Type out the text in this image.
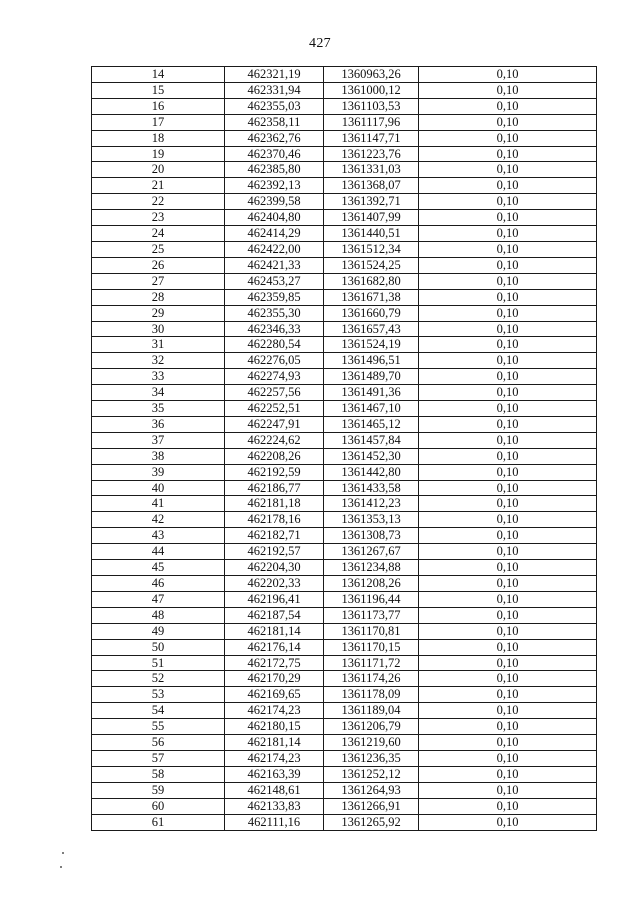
427
14	462321,19	1360963,26	0,10
15	462331,94	1361000,12	0,10
16	462355,03	1361103,53	0,10
17	462358,11	1361117,96	0,10
18	462362,76	1361147,71	0,10
19	462370,46	1361223,76	0,10
20	462385,80	1361331,03	0,10
21	462392,13	1361368,07	0,10
22	462399,58	1361392,71	0,10
23	462404,80	1361407,99	0,10
24	462414,29	1361440,51	0,10
25	462422,00	1361512,34	0,10
26	462421,33	1361524,25	0,10
27	462453,27	1361682,80	0,10
28	462359,85	1361671,38	0,10
29	462355,30	1361660,79	0,10
30	462346,33	1361657,43	0,10
31	462280,54	1361524,19	0,10
32	462276,05	1361496,51	0,10
33	462274,93	1361489,70	0,10
34	462257,56	1361491,36	0,10
35	462252,51	1361467,10	0,10
36	462247,91	1361465,12	0,10
37	462224,62	1361457,84	0,10
38	462208,26	1361452,30	0,10
39	462192,59	1361442,80	0,10
40	462186,77	1361433,58	0,10
41	462181,18	1361412,23	0,10
42	462178,16	1361353,13	0,10
43	462182,71	1361308,73	0,10
44	462192,57	1361267,67	0,10
45	462204,30	1361234,88	0,10
46	462202,33	1361208,26	0,10
47	462196,41	1361196,44	0,10
48	462187,54	1361173,77	0,10
49	462181,14	1361170,81	0,10
50	462176,14	1361170,15	0,10
51	462172,75	1361171,72	0,10
52	462170,29	1361174,26	0,10
53	462169,65	1361178,09	0,10
54	462174,23	1361189,04	0,10
55	462180,15	1361206,79	0,10
56	462181,14	1361219,60	0,10
57	462174,23	1361236,35	0,10
58	462163,39	1361252,12	0,10
59	462148,61	1361264,93	0,10
60	462133,83	1361266,91	0,10
61	462111,16	1361265,92	0,10
